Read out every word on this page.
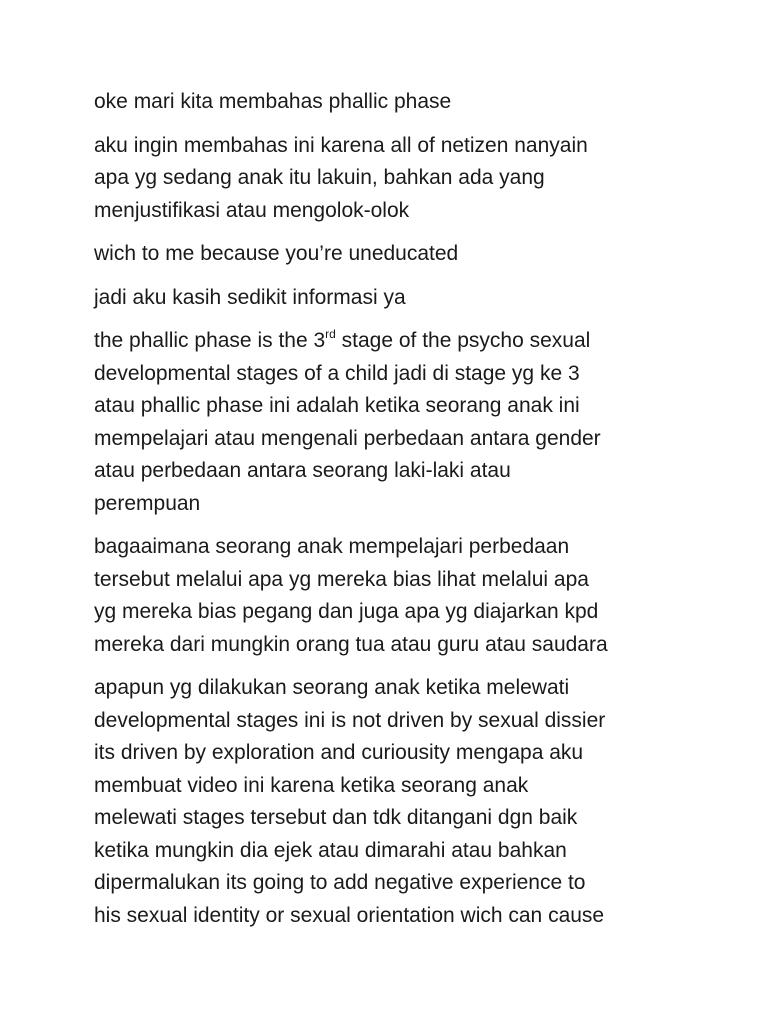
oke mari kita membahas phallic phase

aku ingin membahas ini karena all of netizen nanyain
apa yg sedang anak itu lakuin, bahkan ada yang
menjustifikasi atau mengolok-olok

wich to me because you’re uneducated

jadi aku kasih sedikit informasi ya

the phallic phase is the 3rd stage of the psycho sexual
developmental stages of a child jadi di stage yg ke 3
atau phallic phase ini adalah ketika seorang anak ini
mempelajari atau mengenali perbedaan antara gender
atau perbedaan antara seorang laki-laki atau
perempuan

bagaaimana seorang anak mempelajari perbedaan
tersebut melalui apa yg mereka bias lihat melalui apa
yg mereka bias pegang dan juga apa yg diajarkan kpd
mereka dari mungkin orang tua atau guru atau saudara

apapun yg dilakukan seorang anak ketika melewati
developmental stages ini is not driven by sexual dissier
its driven by exploration and curiousity mengapa aku
membuat video ini karena ketika seorang anak
melewati stages tersebut dan tdk ditangani dgn baik
ketika mungkin dia ejek atau dimarahi atau bahkan
dipermalukan its going to add negative experience to
his sexual identity or sexual orientation wich can cause
